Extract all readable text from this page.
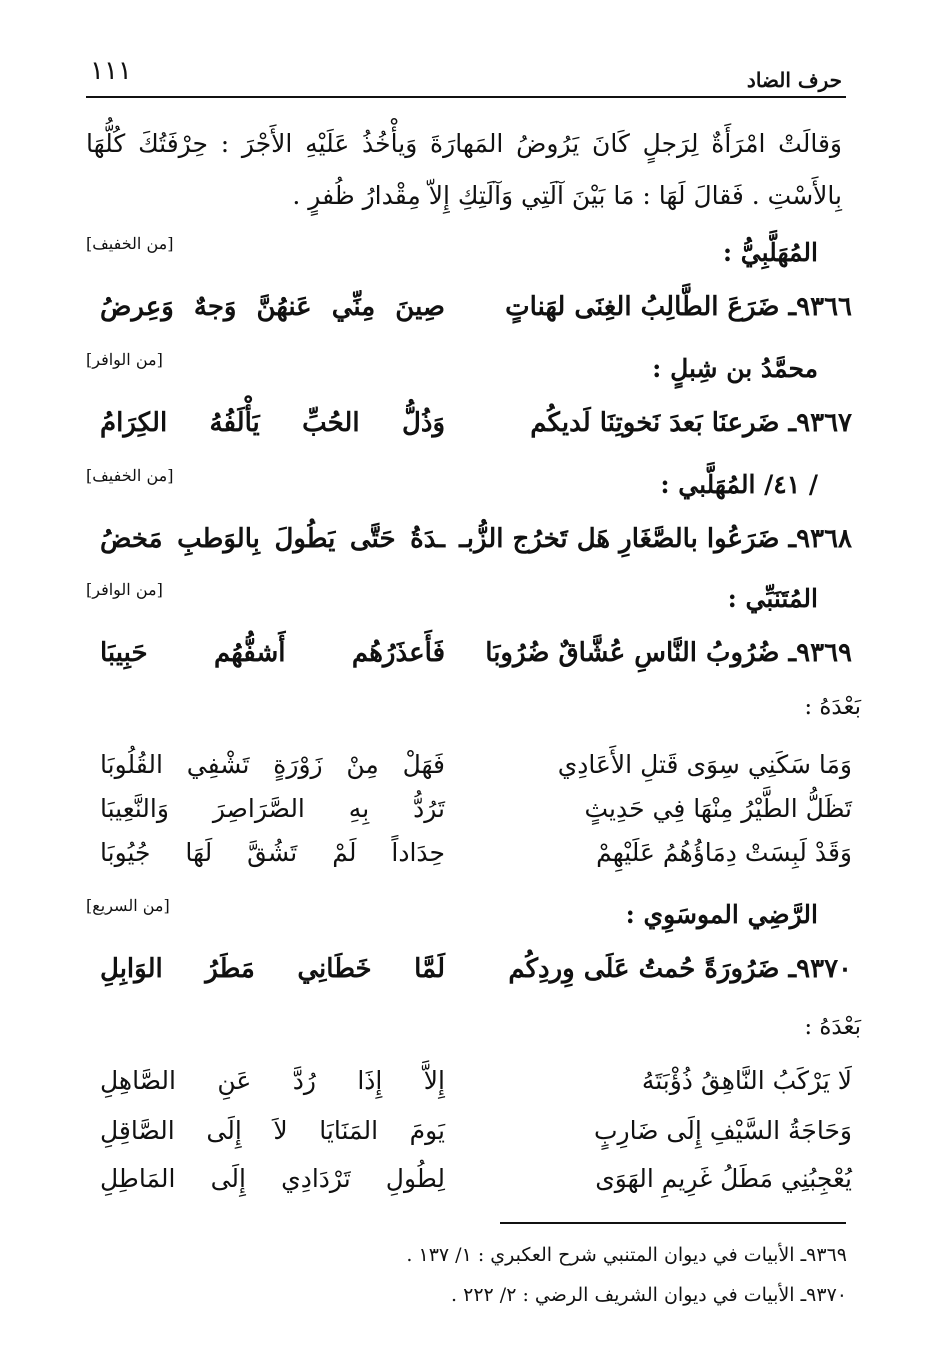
١١١	حرف الضاد
وَقالَتْ امْرَأَةٌ لِرَجلٍ كَانَ يَرُوضُ المَهارَةَ وَيأْخُذُ عَلَيْهِ الأَجْرَ : حِرْفَتُكَ كُلُّهَا بِالأَسْتِ . فَقالَ لَهَا : مَا بَيْنَ آلَتِي وَآلَتِكِ إِلاّ مِقْدارُ ظُفرٍ .
المُهَلَّبِيُّ :
[من الخفيف]
٩٣٦٦ـ ضَرَعَ الطَّالِبُ الغِنَى لهَناتٍ
صِينَ مِنِّي عَنهُنَّ وَجهٌ وَعِرضُ
محمَّدُ بن شِبلٍ :
[من الوافر]
٩٣٦٧ـ ضَرعنَا بَعدَ نَخوتِنَا لَديكُم
وَذُلُّ الحُبِّ يَأْلَفُهُ الكِرَامُ
/ ٤١/ المُهَلَّبي :
[من الخفيف]
٩٣٦٨ـ ضَرَعُوا بالصَّغَارِ هَل تَخرُج الزُّبـ
ـدَةُ حَتَّى يَطُولَ بِالوَطبِ مَخضُ
المُتَنَبِّي :
[من الوافر]
٩٣٦٩ـ ضُرُوبُ النَّاسِ عُشَّاقٌ ضُرُوبَا
فَأَعذَرُهُم أَشفُّهُم حَبِيبَا
بَعْدَهُ :
وَمَا سَكَنِي سِوَى قَتلِ الأَعَادِي
فَهَلْ مِنْ زَوْرَةٍ تَشْفِي القُلُوبَا
تَظَلُّ الطَّيْرُ مِنْهَا فِي حَدِيثٍ
تَرُدُّ بِهِ الصَّرَاصِرَ وَالنَّعِيبَا
وَقَدْ لَبِسَتْ دِمَاؤُهُمُ عَلَيْهِمْ
حِدَاداً لَمْ تَشُقَّ لَهَا جُيُوبَا
الرَّضِي الموسَوِي :
[من السريع]
٩٣٧٠ـ ضَرُورَةً حُمتُ عَلَى وِردِكُم
لَمَّا خَطَانِي مَطَرُ الوَابِلِ
بَعْدَهُ :
لَا يَرْكَبُ النَّاهِقُ ذُؤْبَتَهُ
إِلاَّ إِذَا رُدَّ عَنِ الصَّاهِلِ
وَحَاجَةُ السَّيْفِ إِلَى ضَارِبٍ
يَومَ المَنَايَا لاَ إِلَى الصَّاقِلِ
يُعْجِبُنِي مَطَلُ غَرِيمِ الهَوَى
لِطُولِ تَرْدَادِي إِلَى المَاطِلِ
٩٣٦٩ـ الأبيات في ديوان المتنبي شرح العكبري : ١/ ١٣٧ .
٩٣٧٠ـ الأبيات في ديوان الشريف الرضي : ٢/ ٢٢٢ .
